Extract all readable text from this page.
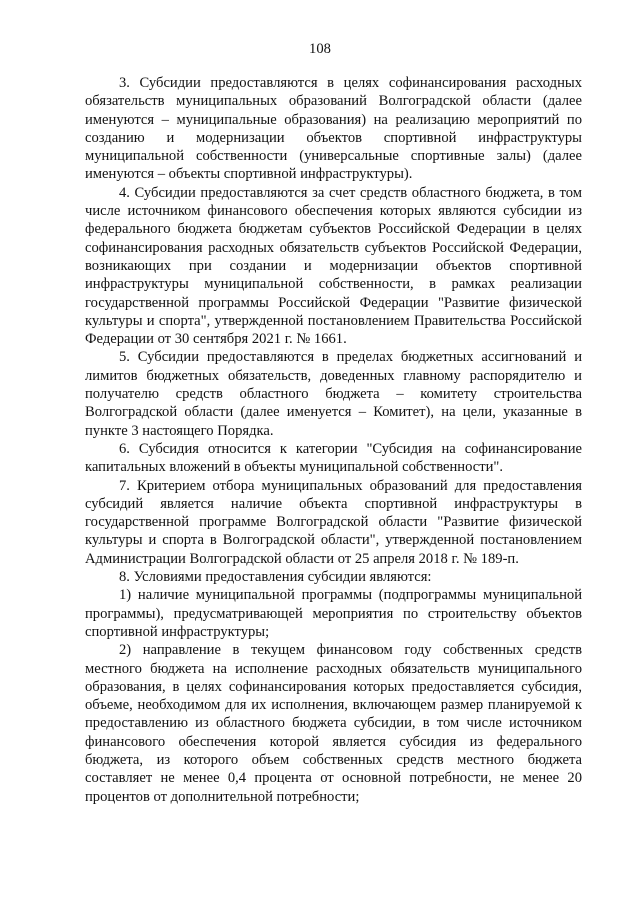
108

3. Субсидии предоставляются в целях софинансирования расходных обязательств муниципальных образований Волгоградской области (далее именуются – муниципальные образования) на реализацию мероприятий по созданию и модернизации объектов спортивной инфраструктуры муниципальной собственности (универсальные спортивные залы) (далее именуются – объекты спортивной инфраструктуры).

4. Субсидии предоставляются за счет средств областного бюджета, в том числе источником финансового обеспечения которых являются субсидии из федерального бюджета бюджетам субъектов Российской Федерации в целях софинансирования расходных обязательств субъектов Российской Федерации, возникающих при создании и модернизации объектов спортивной инфраструктуры муниципальной собственности, в рамках реализации государственной программы Российской Федерации "Развитие физической культуры и спорта", утвержденной постановлением Правительства Российской Федерации от 30 сентября 2021 г. № 1661.

5. Субсидии предоставляются в пределах бюджетных ассигнований и лимитов бюджетных обязательств, доведенных главному распорядителю и получателю средств областного бюджета – комитету строительства Волгоградской области (далее именуется – Комитет), на цели, указанные в пункте 3 настоящего Порядка.

6. Субсидия относится к категории "Субсидия на софинансирование капитальных вложений в объекты муниципальной собственности".

7. Критерием отбора муниципальных образований для предоставления субсидий является наличие объекта спортивной инфраструктуры в государственной программе Волгоградской области "Развитие физической культуры и спорта в Волгоградской области", утвержденной постановлением Администрации Волгоградской области от 25 апреля 2018 г. № 189-п.

8. Условиями предоставления субсидии являются:

1) наличие муниципальной программы (подпрограммы муниципальной программы), предусматривающей мероприятия по строительству объектов спортивной инфраструктуры;

2) направление в текущем финансовом году собственных средств местного бюджета на исполнение расходных обязательств муниципального образования, в целях софинансирования которых предоставляется субсидия, объеме, необходимом для их исполнения, включающем размер планируемой к предоставлению из областного бюджета субсидии, в том числе источником финансового обеспечения которой является субсидия из федерального бюджета, из которого объем собственных средств местного бюджета составляет не менее 0,4 процента от основной потребности, не менее 20 процентов от дополнительной потребности;
